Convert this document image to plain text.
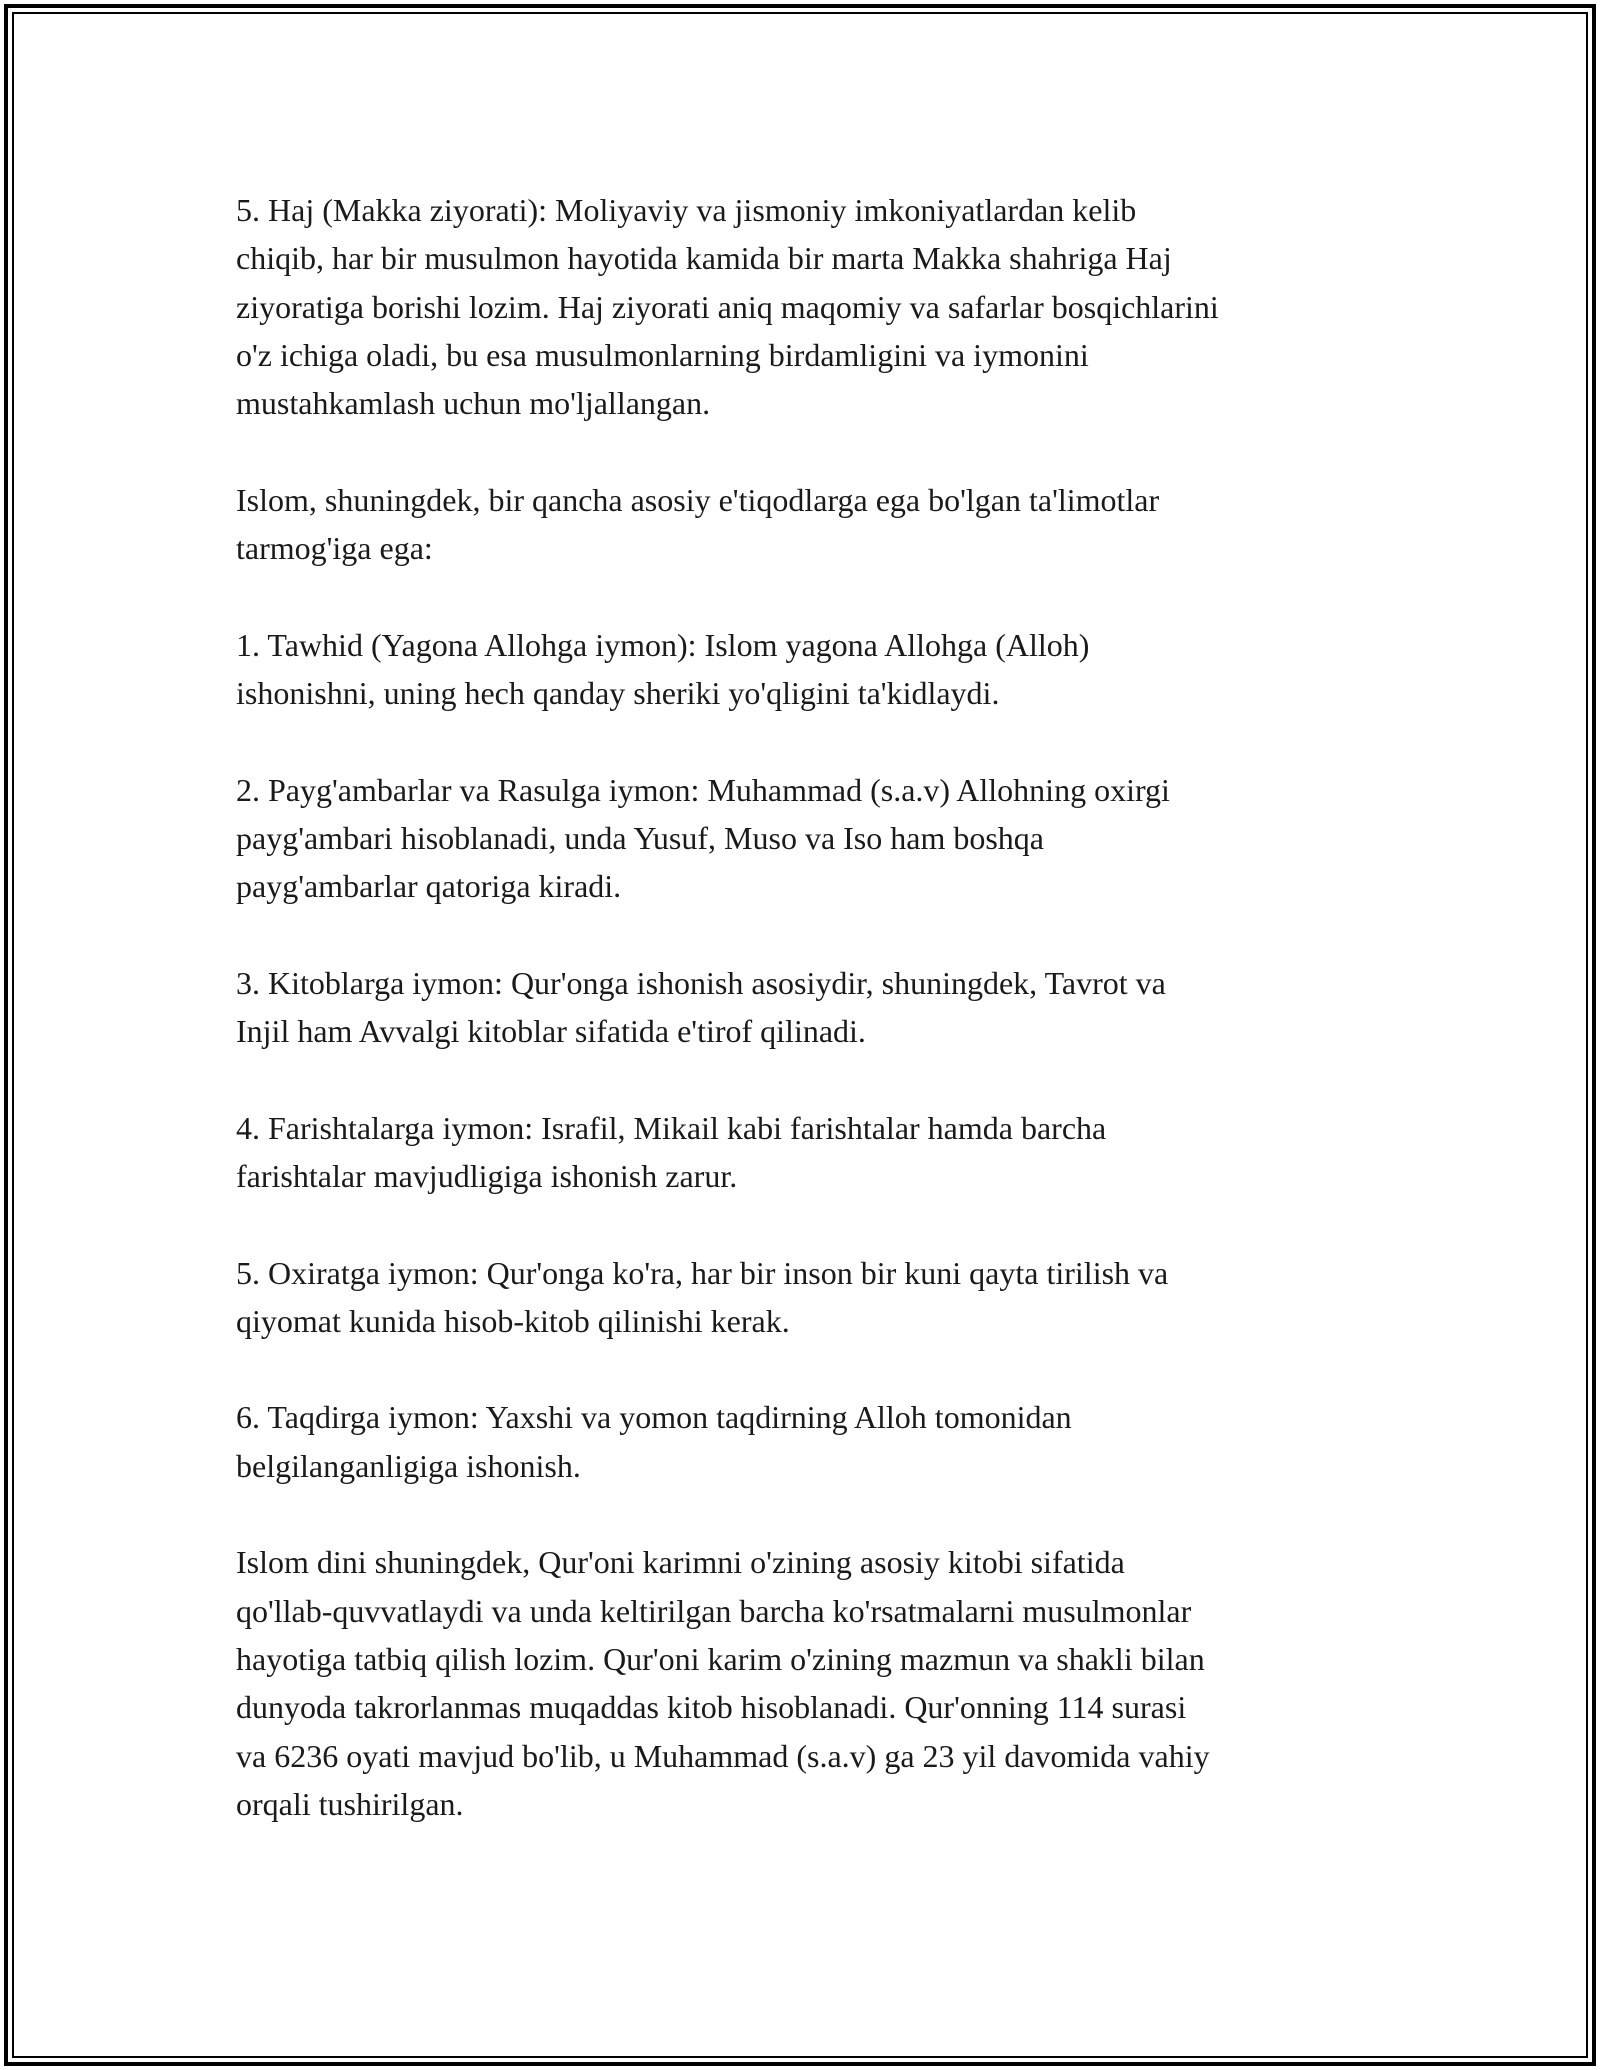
5. Haj (Makka ziyorati): Moliyaviy va jismoniy imkoniyatlardan kelib
chiqib, har bir musulmon hayotida kamida bir marta Makka shahriga Haj
ziyoratiga borishi lozim. Haj ziyorati aniq maqomiy va safarlar bosqichlarini
o'z ichiga oladi, bu esa musulmonlarning birdamligini va iymonini
mustahkamlash uchun mo'ljallangan.

Islom, shuningdek, bir qancha asosiy e'tiqodlarga ega bo'lgan ta'limotlar
tarmog'iga ega:

1. Tawhid (Yagona Allohga iymon): Islom yagona Allohga (Alloh)
ishonishni, uning hech qanday sheriki yo'qligini ta'kidlaydi.

2. Payg'ambarlar va Rasulga iymon: Muhammad (s.a.v) Allohning oxirgi
payg'ambari hisoblanadi, unda Yusuf, Muso va Iso ham boshqa
payg'ambarlar qatoriga kiradi.

3. Kitoblarga iymon: Qur'onga ishonish asosiydir, shuningdek, Tavrot va
Injil ham Avvalgi kitoblar sifatida e'tirof qilinadi.

4. Farishtalarga iymon: Israfil, Mikail kabi farishtalar hamda barcha
farishtalar mavjudligiga ishonish zarur.

5. Oxiratga iymon: Qur'onga ko'ra, har bir inson bir kuni qayta tirilish va
qiyomat kunida hisob-kitob qilinishi kerak.

6. Taqdirga iymon: Yaxshi va yomon taqdirning Alloh tomonidan
belgilanganligiga ishonish.

Islom dini shuningdek, Qur'oni karimni o'zining asosiy kitobi sifatida
qo'llab-quvvatlaydi va unda keltirilgan barcha ko'rsatmalarni musulmonlar
hayotiga tatbiq qilish lozim. Qur'oni karim o'zining mazmun va shakli bilan
dunyoda takrorlanmas muqaddas kitob hisoblanadi. Qur'onning 114 surasi
va 6236 oyati mavjud bo'lib, u Muhammad (s.a.v) ga 23 yil davomida vahiy
orqali tushirilgan.
